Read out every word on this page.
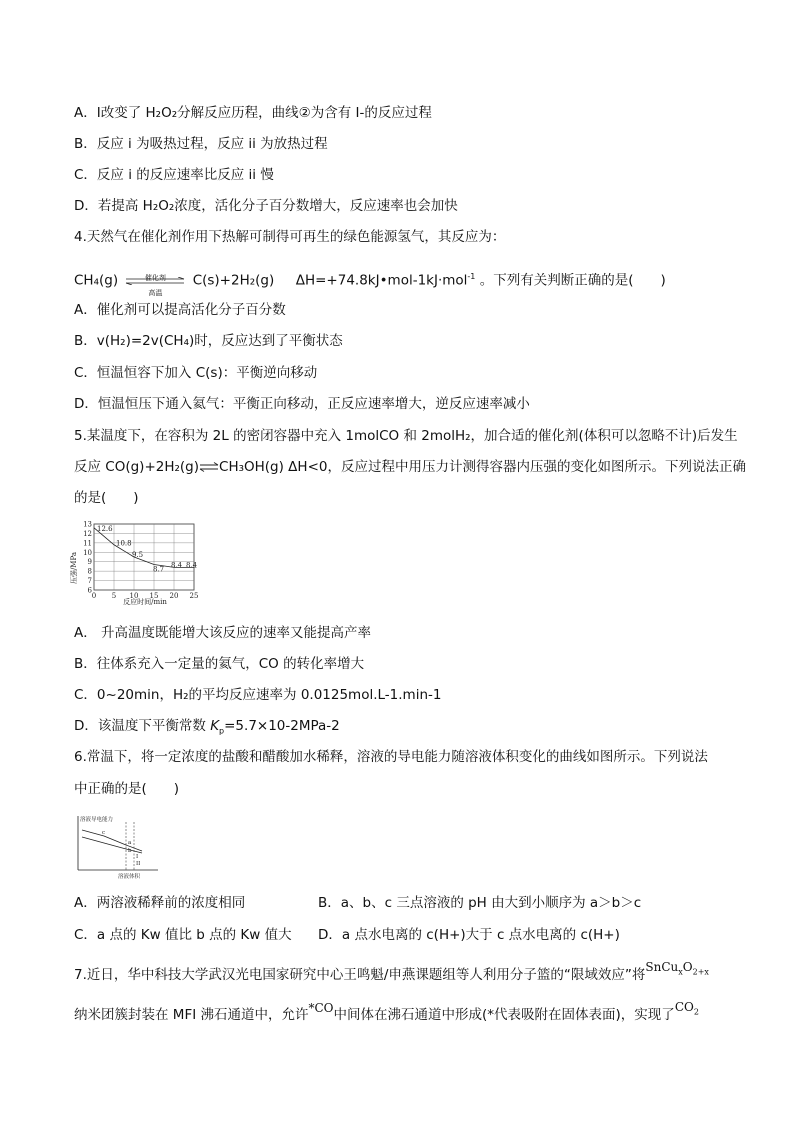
A．I改变了 H₂O₂分解反应历程，曲线②为含有 I-的反应过程
B．反应 i 为吸热过程，反应 ii 为放热过程
C．反应 i 的反应速率比反应 ii 慢
D．若提高 H₂O₂浓度，活化分子百分数增大，反应速率也会加快
4.天然气在催化剂作用下热解可制得可再生的绿色能源氢气，其反应为：
CH₄(g)	催化剂
高温
C(s)+2H₂(g) ΔH=+74.8kJ•mol-1kJ·mol$^{-1}$ 。下列有关判断正确的是(　　)
A．催化剂可以提高活化分子百分数
B．v(H₂)=2v(CH₄)时，反应达到了平衡状态
C．恒温恒容下加入 C(s)：平衡逆向移动
D．恒温恒压下通入氦气：平衡正向移动，正反应速率增大，逆反应速率减小
5.某温度下，在容积为 2L 的密闭容器中充入 1molCO 和 2molH₂，加合适的催化剂(体积可以忽略不计)后发生
反应 CO(g)+2H₂(g)⇌CH₃OH(g) ΔH<0，反应过程中用压力计测得容器内压强的变化如图所示。下列说法正确
的是(　　)
6
7
8
9
10
11
12
13
0 5 10 15 20 25
12.6
10.8
9.5
8.7
8.4 8.4
压强/MPa
反应时间/min
A． 升高温度既能增大该反应的速率又能提高产率
B．往体系充入一定量的氦气，CO 的转化率增大
C．0~20min，H₂的平均反应速率为 0.0125mol.L-1.min-1
D．该温度下平衡常数 $K_p=5.7\times 10-2MPa-2$
6.常温下，将一定浓度的盐酸和醋酸加水稀释，溶液的导电能力随溶液体积变化的曲线如图所示。下列说法
中正确的是(　　)
溶液导电能力
溶液体积
c
a
b
I
II
A．两溶液稀释前的浓度相同	B．a、b、c 三点溶液的 pH 由大到小顺序为 a＞b＞c
C．a 点的 Kw 值比 b 点的 Kw 值大 D．a 点水电离的 c(H+)大于 c 点水电离的 c(H+)
7.近日，华中科技大学武汉光电国家研究中心王鸣魁/申燕课题组等人利用分子篮的“限域效应”将$SnCu_xO_{2+x}$
纳米团簇封装在 MFI 沸石通道中，允许*CO中间体在沸石通道中形成(*代表吸附在固体表面)，实现了$CO_2$
